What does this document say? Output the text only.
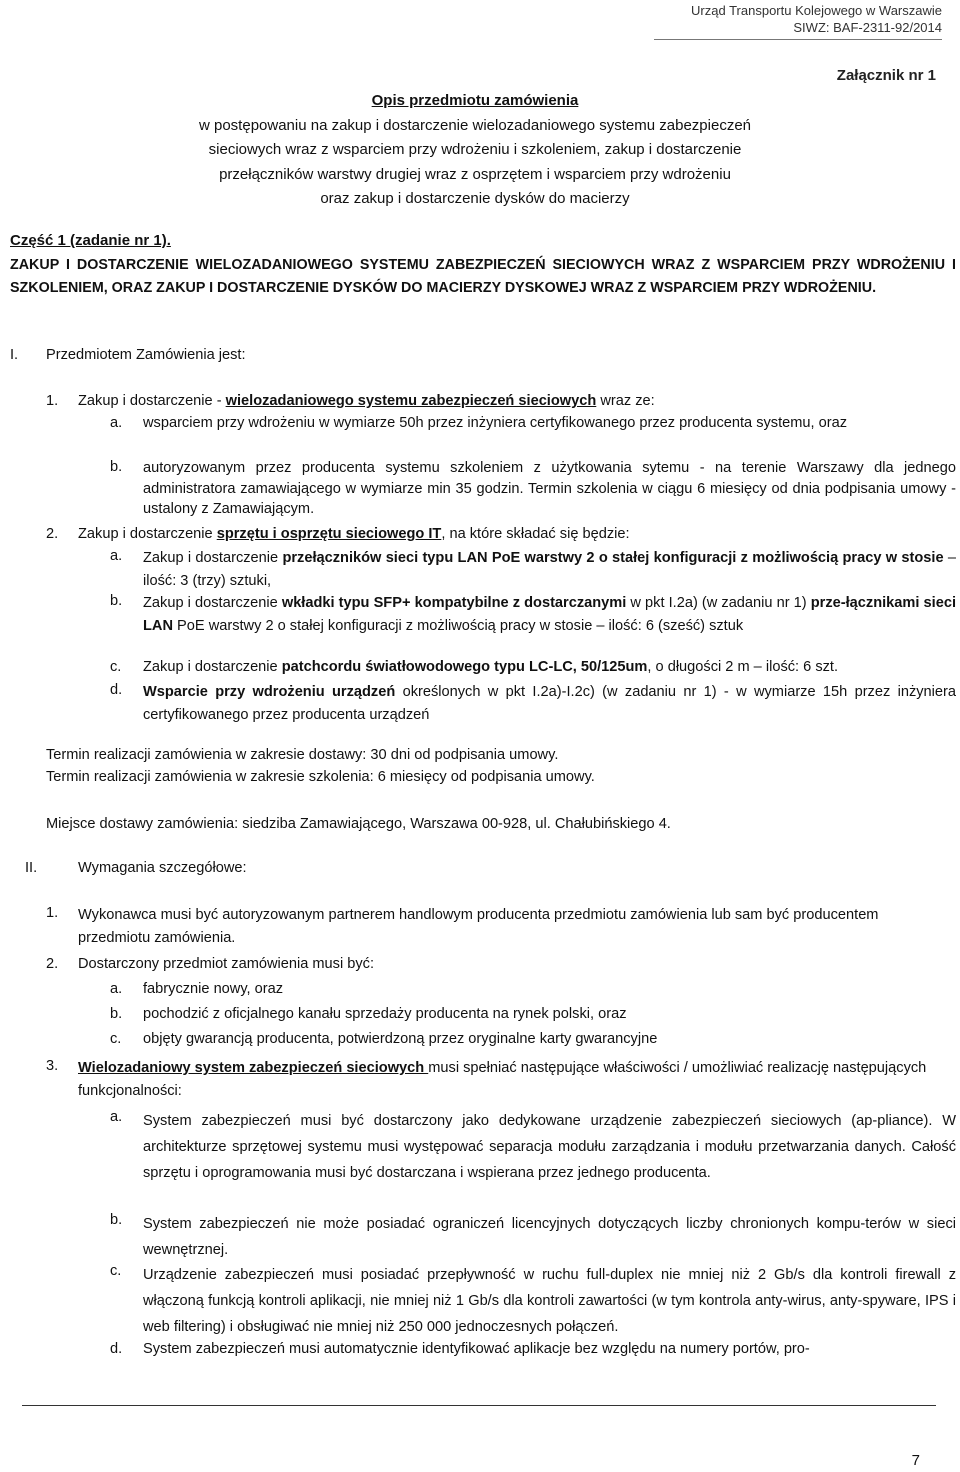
Urząd Transportu Kolejowego w Warszawie
SIWZ: BAF-2311-92/2014
Załącznik nr 1
Opis przedmiotu zamówienia
w postępowaniu na zakup i dostarczenie wielozadaniowego systemu zabezpieczeń
sieciowych wraz z wsparciem przy wdrożeniu i szkoleniem, zakup i dostarczenie
przełączników warstwy drugiej wraz z osprzętem i wsparciem przy wdrożeniu
oraz zakup i dostarczenie dysków do macierzy
Część 1 (zadanie nr 1).
ZAKUP I DOSTARCZENIE WIELOZADANIOWEGO SYSTEMU ZABEZPIECZEŃ SIECIOWYCH WRAZ Z WSPARCIEM PRZY WDROŻENIU I SZKOLENIEM, ORAZ ZAKUP I DOSTARCZENIE DYSKÓW DO MACIERZY DYSKOWEJ WRAZ Z WSPARCIEM PRZY WDROŻENIU.
I. Przedmiotem Zamówienia jest:
1. Zakup i dostarczenie - wielozadaniowego systemu zabezpieczeń sieciowych wraz ze:
a. wsparciem przy wdrożeniu w wymiarze 50h przez inżyniera certyfikowanego przez producenta systemu, oraz
b. autoryzowanym przez producenta systemu szkoleniem z użytkowania sytemu - na terenie Warszawy dla jednego administratora zamawiającego w wymiarze min 35 godzin. Termin szkolenia w ciągu 6 miesięcy od dnia podpisania umowy - ustalony z Zamawiającym.
2. Zakup i dostarczenie sprzętu i osprzętu sieciowego IT, na które składać się będzie:
a. Zakup i dostarczenie przełączników sieci typu LAN PoE warstwy 2 o stałej konfiguracji z możliwością pracy w stosie – ilość: 3 (trzy) sztuki,
b. Zakup i dostarczenie wkładki typu SFP+ kompatybilne z dostarczanymi w pkt I.2a) (w zadaniu nr 1) prze-łącznikami sieci LAN PoE warstwy 2 o stałej konfiguracji z możliwością pracy w stosie – ilość: 6 (sześć) sztuk
c. Zakup i dostarczenie patchcordu światłowodowego typu LC-LC, 50/125um, o długości 2 m – ilość: 6 szt.
d. Wsparcie przy wdrożeniu urządzeń określonych w pkt I.2a)-I.2c) (w zadaniu nr 1) - w wymiarze 15h przez inżyniera certyfikowanego przez producenta urządzeń
Termin realizacji zamówienia w zakresie dostawy: 30 dni od podpisania umowy.
Termin realizacji zamówienia w zakresie szkolenia: 6 miesięcy od podpisania umowy.
Miejsce dostawy zamówienia: siedziba Zamawiającego, Warszawa 00-928, ul. Chałubińskiego 4.
II.	Wymagania szczegółowe:
1. Wykonawca musi być autoryzowanym partnerem handlowym producenta przedmiotu zamówienia lub sam być producentem przedmiotu zamówienia.
2. Dostarczony przedmiot zamówienia musi być:
a. fabrycznie nowy, oraz
b. pochodzić z oficjalnego kanału sprzedaży producenta na rynek polski, oraz
c. objęty gwarancją producenta, potwierdzoną przez oryginalne karty gwarancyjne
3. Wielozadaniowy system zabezpieczeń sieciowych musi spełniać następujące właściwości / umożliwiać realizację następujących funkcjonalności:
a. System zabezpieczeń musi być dostarczony jako dedykowane urządzenie zabezpieczeń sieciowych (ap-pliance). W architekturze sprzętowej systemu musi występować separacja modułu zarządzania i modułu przetwarzania danych. Całość sprzętu i oprogramowania musi być dostarczana i wspierana przez jednego producenta.
b. System zabezpieczeń nie może posiadać ograniczeń licencyjnych dotyczących liczby chronionych kompu-terów w sieci wewnętrznej.
c. Urządzenie zabezpieczeń musi posiadać przepływność w ruchu full-duplex nie mniej niż 2 Gb/s dla kontroli firewall z włączoną funkcją kontroli aplikacji, nie mniej niż 1 Gb/s dla kontroli zawartości (w tym kontrola anty-wirus, anty-spyware, IPS i web filtering) i obsługiwać nie mniej niż 250 000 jednoczesnych połączeń.
d. System zabezpieczeń musi automatycznie identyfikować aplikacje bez względu na numery portów, pro-
7
